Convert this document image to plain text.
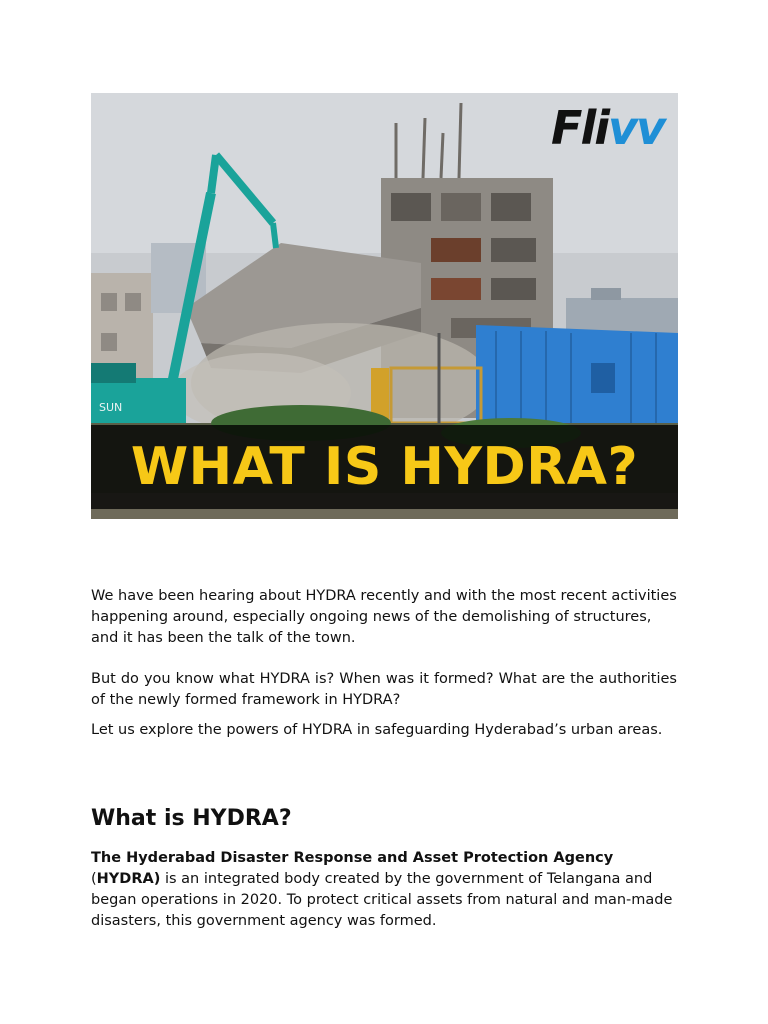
SUN
Flivv
WHAT IS HYDRA?

We have been hearing about HYDRA recently and with the most recent activities happening around, especially ongoing news of the demolishing of structures, and it has been the talk of the town.

But do you know what HYDRA is? When was it formed? What are the authorities of the newly formed framework in HYDRA?

Let us explore the powers of HYDRA in safeguarding Hyderabad’s urban areas.

What is HYDRA?

The Hyderabad Disaster Response and Asset Protection Agency (HYDRA) is an integrated body created by the government of Telangana and began operations in 2020. To protect critical assets from natural and man-made disasters, this government agency was formed.
